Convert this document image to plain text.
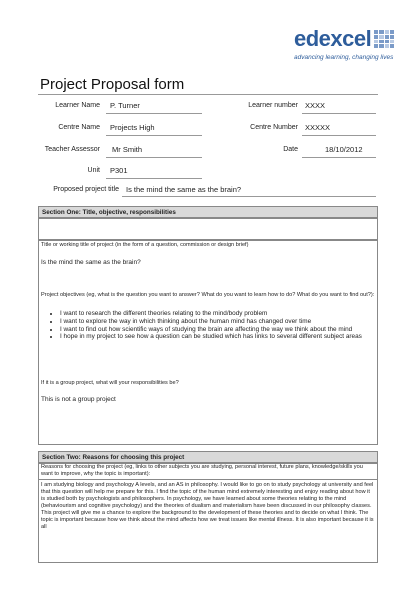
edexcel
advancing learning, changing lives
Project Proposal form
Learner Name P. Turner	Learner number XXXX
Centre Name Projects High	Centre Number XXXXX
Teacher Assessor Mr Smith	Date	18/10/2012
Unit P301
Proposed project title Is the mind the same as the brain?
Section One: Title, objective, responsibilities
Title or working title of project (in the form of a question, commission or design brief)
Is the mind the same as the brain?
Project objectives (eg, what is the question you want to answer? What do you want to learn how to do? What do you want to find out?):
• I want to research the different theories relating to the mind/body problem
• I want to explore the way in which thinking about the human mind has changed over time
• I want to find out how scientific ways of studying the brain are affecting the way we think about the mind
• I hope in my project to see how a question can be studied which has links to several different subject areas
If it is a group project, what will your responsibilities be?
This is not a group project
Section Two: Reasons for choosing this project
Reasons for choosing the project (eg, links to other subjects you are studying, personal interest, future plans, knowledge/skills you want to improve, why the topic is important):
I am studying biology and psychology A levels, and an AS in philosophy. I would like to go on to study psychology at university and feel that this question will help me prepare for this. I find the topic of the human mind extremely interesting and enjoy reading about how it is studied both by psychologists and philosophers. In psychology, we have learned about some theories relating to the mind (behaviourism and cognitive psychology) and the theories of dualism and materialism have been discussed in our philosophy classes. This project will give me a chance to explore the background to the development of these theories and to decide on what I think. The topic is important because how we think about the mind affects how we treat issues like mental illness. It is also important because it is all
